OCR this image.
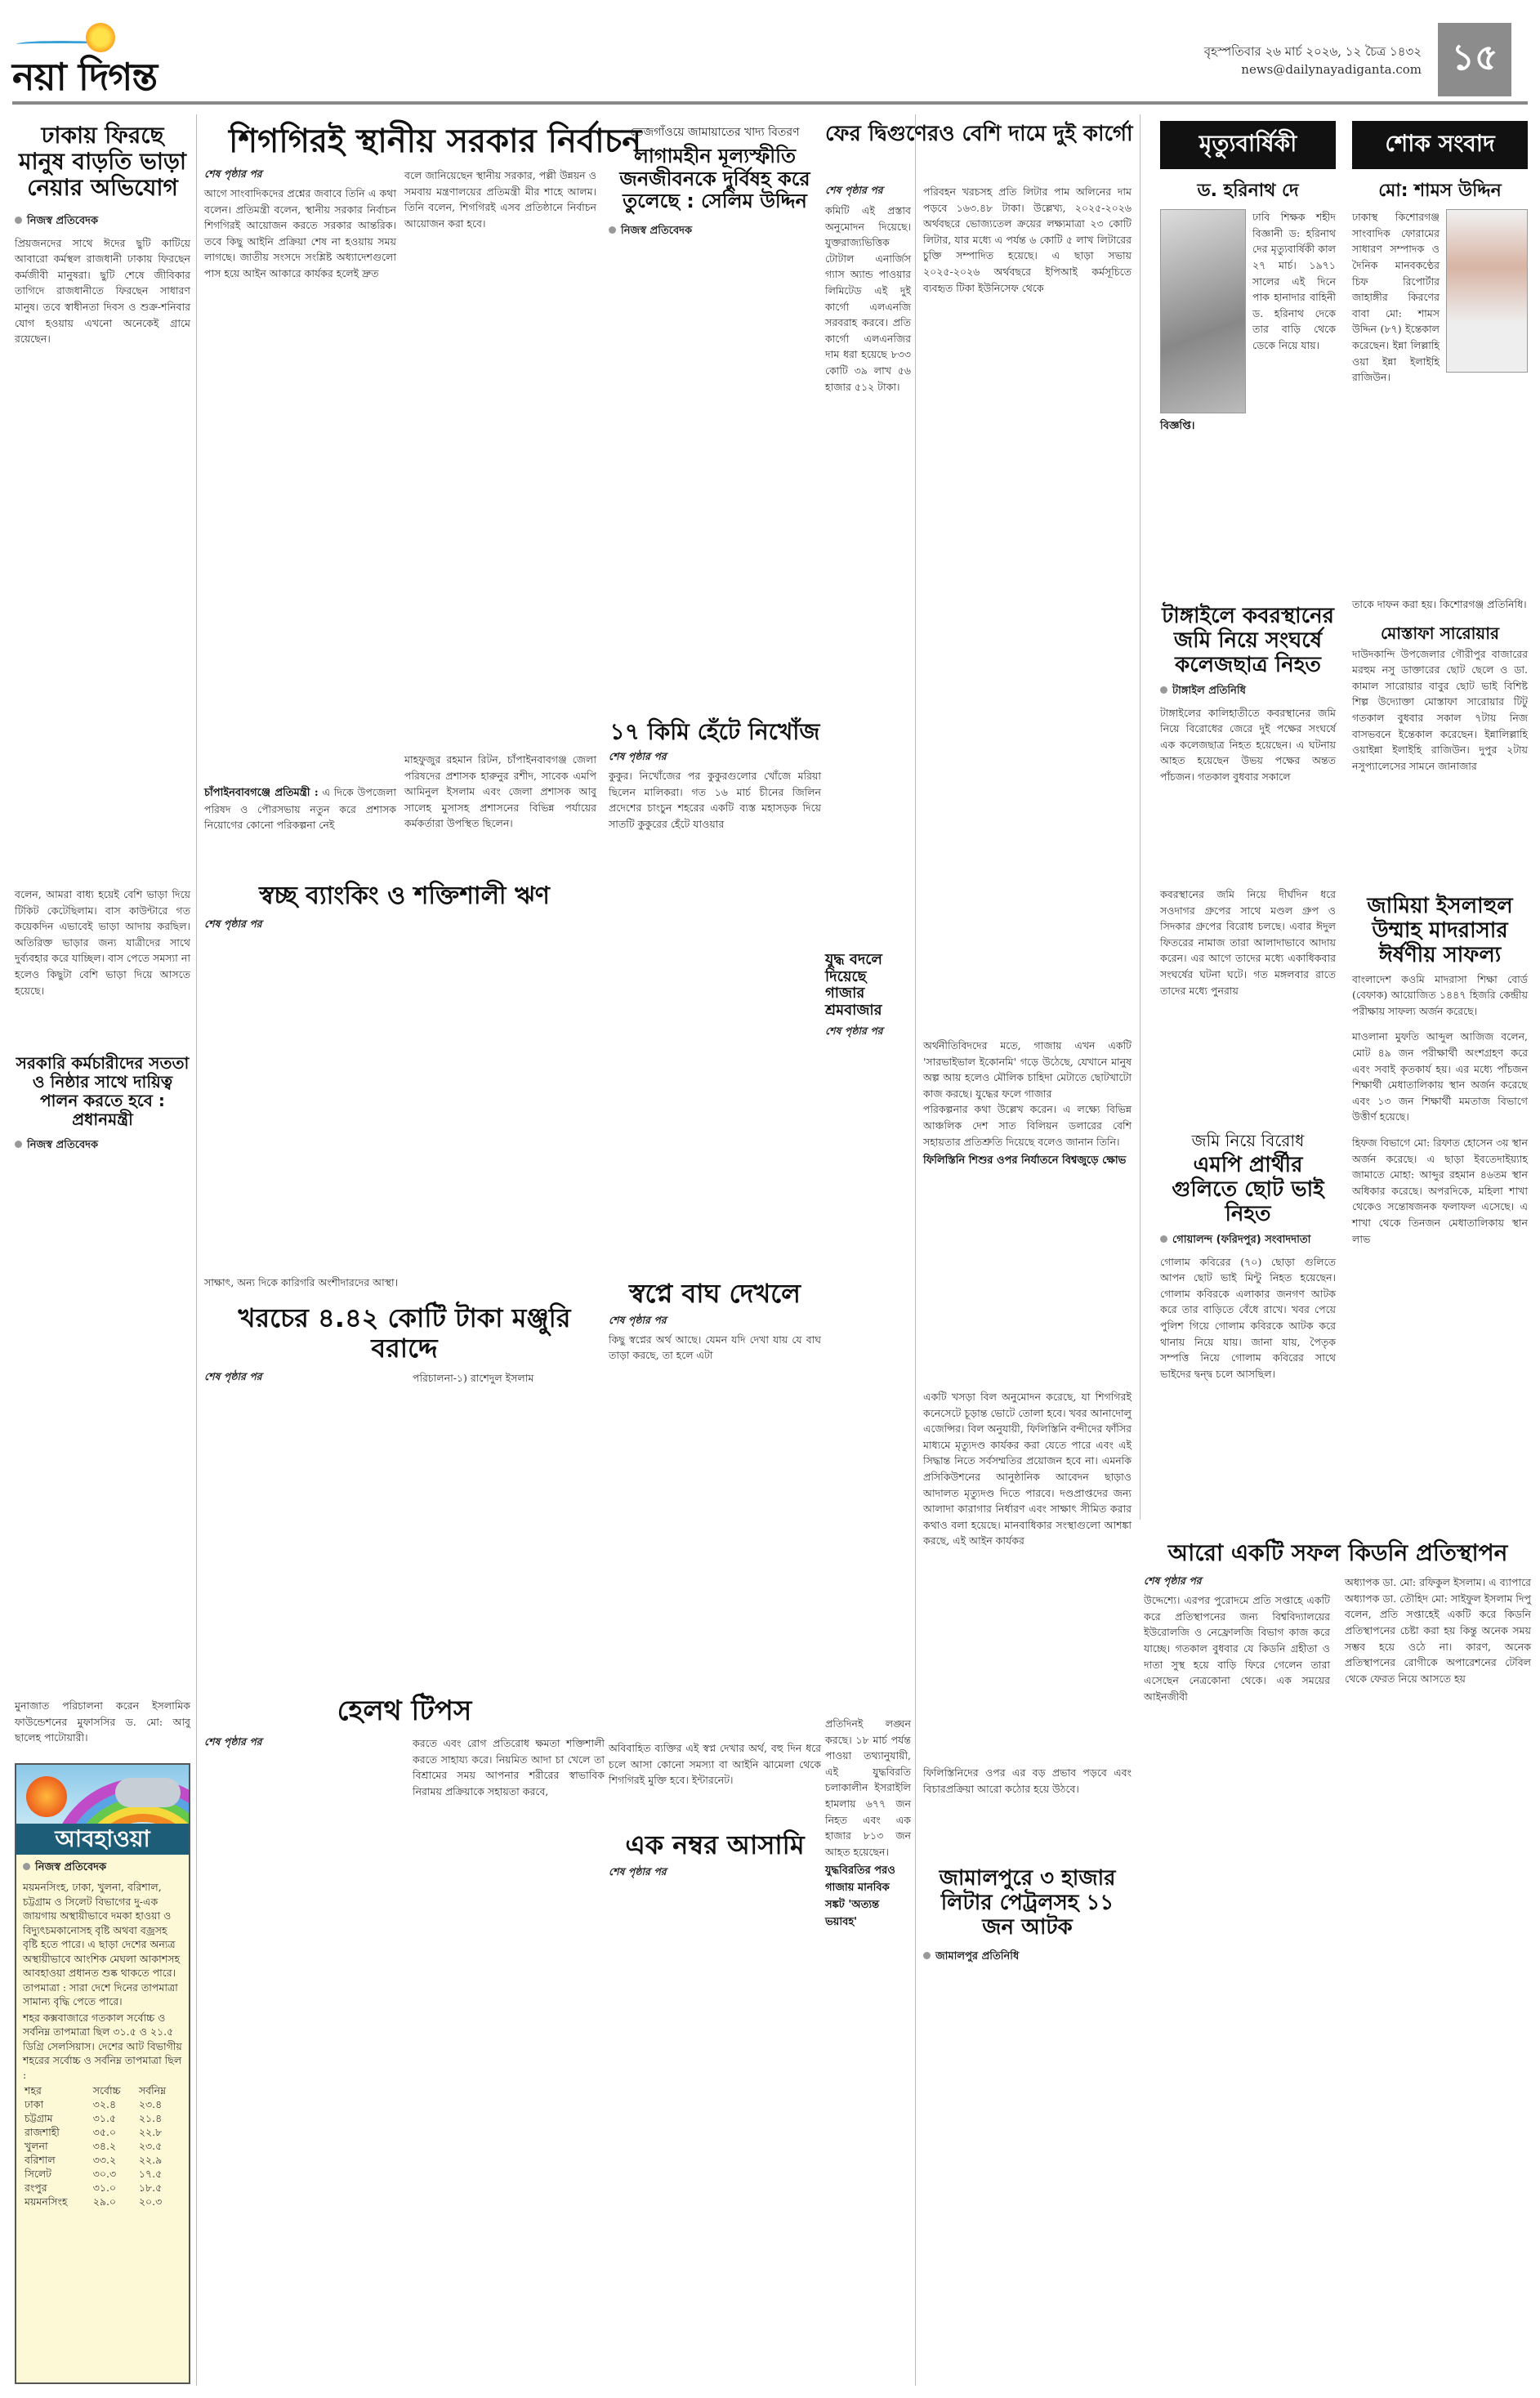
নয়া দিগন্ত
বৃহস্পতিবার ২৬ মার্চ ২০২৬, ১২ চৈত্র ১৪৩২
news@dailynayadiganta.com ১৫
ঢাকায় ফিরছে মানুষ বাড়তি ভাড়া নেয়ার অভিযোগ
নিজস্ব প্রতিবেদক
প্রিয়জনদের সাথে ঈদের ছুটি কাটিয়ে আবারো কর্মস্থল রাজধানী ঢাকায় ফিরছেন কর্মজীবী মানুষরা। ছুটি শেষে জীবিকার তাগিদে রাজধানীতে ফিরছেন সাধারণ মানুষ। তবে স্বাধীনতা দিবস ও শুক্র-শনিবার যোগ হওয়ায় এখনো অনেকেই গ্রামে রয়েছেন।
বলেন, আমরা বাধ্য হয়েই বেশি ভাড়া দিয়ে টিকিট কেটেছিলাম। বাস কাউন্টারে গত কয়েকদিন এভাবেই ভাড়া আদায় করছিল। অতিরিক্ত ভাড়ার জন্য যাত্রীদের সাথে দুর্ব্যবহার করে যাচ্ছিল। বাস পেতে সমস্যা না হলেও কিছুটা বেশি ভাড়া দিয়ে আসতে হয়েছে।
সরকারি কর্মচারীদের সততা ও নিষ্ঠার সাথে দায়িত্ব পালন করতে হবে : প্রধানমন্ত্রী
নিজস্ব প্রতিবেদক
মুনাজাত পরিচালনা করেন ইসলামিক ফাউন্ডেশনের মুফাসসির ড. মো: আবু ছালেহ পাটোয়ারী।
আবহাওয়া
নিজস্ব প্রতিবেদক
ময়মনসিংহ, ঢাকা, খুলনা, বরিশাল, চট্টগ্রাম ও সিলেট বিভাগের দু-এক জায়গায় অস্থায়ীভাবে দমকা হাওয়া ও বিদ্যুৎচমকানোসহ বৃষ্টি অথবা বজ্রসহ বৃষ্টি হতে পারে। এ ছাড়া দেশের অন্যত্র অস্থায়ীভাবে আংশিক মেঘলা আকাশসহ আবহাওয়া প্রধানত শুষ্ক থাকতে পারে। তাপমাত্রা : সারা দেশে দিনের তাপমাত্রা সামান্য বৃদ্ধি পেতে পারে।
শহর কক্সবাজারে গতকাল সর্বোচ্চ ও সর্বনিম্ন তাপমাত্রা ছিল ৩১.৫ ও ২১.৫ ডিগ্রি সেলসিয়াস। দেশের আট বিভাগীয় শহরের সর্বোচ্চ ও সর্বনিম্ন তাপমাত্রা ছিল :
শহর	সর্বোচ্চ	সর্বনিম্ন
ঢাকা	৩২.৪	২৩.৪
চট্টগ্রাম	৩১.৫	২১.৪
রাজশাহী	৩৫.০	২২.৮
খুলনা	৩৪.২	২৩.৫
বরিশাল	৩৩.২	২২.৯
সিলেট	৩০.৩	১৭.৫
রংপুর	৩১.০	১৮.৫
ময়মনসিংহ	২৯.০	২০.৩
শিগগিরই স্থানীয় সরকার নির্বাচন
শেষ পৃষ্ঠার পর
আগে সাংবাদিকদের প্রশ্নের জবাবে তিনি এ কথা বলেন। প্রতিমন্ত্রী বলেন, স্থানীয় সরকার নির্বাচন শিগগিরই আয়োজন করতে সরকার আন্তরিক। তবে কিছু আইনি প্রক্রিয়া শেষ না হওয়ায় সময় লাগছে। জাতীয় সংসদে সংশ্লিষ্ট অধ্যাদেশগুলো পাস হয়ে আইন আকারে কার্যকর হলেই দ্রুত
চাঁপাইনবাবগঞ্জে প্রতিমন্ত্রী : এ দিকে উপজেলা পরিষদ ও পৌরসভায় নতুন করে প্রশাসক নিয়োগের কোনো পরিকল্পনা নেই
বলে জানিয়েছেন স্থানীয় সরকার, পল্লী উন্নয়ন ও সমবায় মন্ত্রণালয়ের প্রতিমন্ত্রী মীর শাহে আলম। তিনি বলেন, শিগগিরই এসব প্রতিষ্ঠানে নির্বাচন আয়োজন করা হবে।
মাহফুজুর রহমান রিটন, চাঁপাইনবাবগঞ্জ জেলা পরিষদের প্রশাসক হারুনুর রশীদ, সাবেক এমপি আমিনুল ইসলাম এবং জেলা প্রশাসক আবু সালেহ মুসাসহ প্রশাসনের বিভিন্ন পর্যায়ের কর্মকর্তারা উপস্থিত ছিলেন।
স্বচ্ছ ব্যাংকিং ও শক্তিশালী ঋণ
শেষ পৃষ্ঠার পর
সাক্ষাৎ, অন্য দিকে কারিগরি অংশীদারদের আস্থা।
খরচের ৪.৪২ কোটি টাকা মঞ্জুরি বরাদ্দে
শেষ পৃষ্ঠার পর	পরিচালনা-১) রাশেদুল ইসলাম
হেলথ টিপস
শেষ পৃষ্ঠার পর	করতে এবং রোগ প্রতিরোধ ক্ষমতা শক্তিশালী করতে সাহায্য করে। নিয়মিত আদা চা খেলে তা বিশ্রামের সময় আপনার শরীরের স্বাভাবিক নিরাময় প্রক্রিয়াকে সহায়তা করবে,
তেজগাঁওয়ে জামায়াতের খাদ্য বিতরণ
লাগামহীন মূল্যস্ফীতি জনজীবনকে দুর্বিষহ করে তুলেছে : সেলিম উদ্দিন
নিজস্ব প্রতিবেদক
১৭ কিমি হেঁটে নিখোঁজ
শেষ পৃষ্ঠার পর
কুকুর। নিখোঁজের পর কুকুরগুলোর খোঁজে মরিয়া ছিলেন মালিকরা। গত ১৬ মার্চ চীনের জিলিন প্রদেশের চাংচুন শহরের একটি ব্যস্ত মহাসড়ক দিয়ে সাতটি কুকুরের হেঁটে যাওয়ার
স্বপ্নে বাঘ দেখলে
শেষ পৃষ্ঠার পর
কিছু স্বপ্নের অর্থ আছে। যেমন যদি দেখা যায় যে বাঘ তাড়া করছে, তা হলে এটা
অবিবাহিত ব্যক্তির এই স্বপ্ন দেখার অর্থ, বহু দিন ধরে চলে আসা কোনো সমস্যা বা আইনি ঝামেলা থেকে শিগগিরই মুক্তি হবে। ইন্টারনেট।
এক নম্বর আসামি
শেষ পৃষ্ঠার পর
ফের দ্বিগুণেরও বেশি দামে দুই কার্গো
শেষ পৃষ্ঠার পর
কমিটি এই প্রস্তাব অনুমোদন দিয়েছে। যুক্তরাজ্যভিত্তিক টোটাল এনার্জিস গ্যাস অ্যান্ড পাওয়ার লিমিটেড এই দুই কার্গো এলএনজি সরবরাহ করবে। প্রতি কার্গো এলএনজির দাম ধরা হয়েছে ৮৩৩ কোটি ৩৯ লাখ ৫৬ হাজার ৫১২ টাকা।
পরিবহন খরচসহ প্রতি লিটার পাম অলিনের দাম পড়বে ১৬৩.৪৮ টাকা। উল্লেখ্য, ২০২৫-২০২৬ অর্থবছরে ভোজ্যতেল ক্রয়ের লক্ষ্যমাত্রা ২৩ কোটি লিটার, যার মধ্যে এ পর্যন্ত ৬ কোটি ৫ লাখ লিটারের চুক্তি সম্পাদিত হয়েছে। এ ছাড়া সভায় ২০২৫-২০২৬ অর্থবছরে ইপিআই কর্মসূচিতে ব্যবহৃত টিকা ইউনিসেফ থেকে
যুদ্ধ বদলে দিয়েছে গাজার শ্রমবাজার
শেষ পৃষ্ঠার পর
অর্থনীতিবিদদের মতে, গাজায় এখন একটি 'সারভাইভাল ইকোনমি' গড়ে উঠেছে, যেখানে মানুষ অল্প আয় হলেও মৌলিক চাহিদা মেটাতে ছোটখাটো কাজ করছে। যুদ্ধের ফলে গাজার
পরিকল্পনার কথা উল্লেখ করেন। এ লক্ষ্যে বিভিন্ন আঞ্চলিক দেশ সাত বিলিয়ন ডলারের বেশি সহায়তার প্রতিশ্রুতি দিয়েছে বলেও জানান তিনি।
ফিলিস্তিনি শিশুর ওপর নির্যাতনে বিশ্বজুড়ে ক্ষোভ
প্রতিদিনই লঙ্ঘন করছে। ১৮ মার্চ পর্যন্ত পাওয়া তথ্যানুযায়ী, এই যুদ্ধবিরতি চলাকালীন ইসরাইলি হামলায় ৬৭৭ জন নিহত এবং এক হাজার ৮১৩ জন আহত হয়েছেন।
যুদ্ধবিরতির পরও গাজায় মানবিক সঙ্কট 'অত্যন্ত ভয়াবহ'
ফিলিস্তিনিদের ওপর এর বড় প্রভাব পড়বে এবং বিচারপ্রক্রিয়া আরো কঠোর হয়ে উঠবে।
জামালপুরে ৩ হাজার লিটার পেট্রলসহ ১১ জন আটক
জামালপুর প্রতিনিধি
একটি খসড়া বিল অনুমোদন করেছে, যা শিগগিরই কনেসেটে চূড়ান্ত ভোটে তোলা হবে। খবর আনাদোলু এজেন্সির। বিল অনুযায়ী, ফিলিস্তিনি বন্দীদের ফাঁসির মাধ্যমে মৃত্যুদণ্ড কার্যকর করা যেতে পারে এবং এই সিদ্ধান্ত নিতে সর্বসম্মতির প্রয়োজন হবে না। এমনকি প্রসিকিউশনের আনুষ্ঠানিক আবেদন ছাড়াও আদালত মৃত্যুদণ্ড দিতে পারবে। দণ্ডপ্রাপ্তদের জন্য আলাদা কারাগার নির্ধারণ এবং সাক্ষাৎ সীমিত করার কথাও বলা হয়েছে। মানবাধিকার সংস্থাগুলো আশঙ্কা করছে, এই আইন কার্যকর
মৃত্যুবার্ষিকী
ড. হরিনাথ দে
ঢাবি শিক্ষক শহীদ বিজ্ঞানী ড: হরিনাথ দের মৃত্যুবার্ষিকী কাল ২৭ মার্চ। ১৯৭১ সালের এই দিনে পাক হানাদার বাহিনী ড. হরিনাথ দেকে তার বাড়ি থেকে ডেকে নিয়ে যায়।
বিজ্ঞপ্তি।
শোক সংবাদ
মো: শামস উদ্দিন
ঢাকাস্থ কিশোরগঞ্জ সাংবাদিক ফোরামের সাধারণ সম্পাদক ও দৈনিক মানবকণ্ঠের চিফ রিপোর্টার জাহাঙ্গীর কিরণের বাবা মো: শামস উদ্দিন (৮৭) ইন্তেকাল করেছেন। ইন্না লিল্লাহি ওয়া ইন্না ইলাইহি রাজিউন।
তাকে দাফন করা হয়। কিশোরগঞ্জ প্রতিনিধি।
মোস্তাফা সারোয়ার
দাউদকান্দি উপজেলার গৌরীপুর বাজারের মরহুম নসু ডাক্তারের ছোট ছেলে ও ডা. কামাল সারোয়ার বাবুর ছোট ভাই বিশিষ্ট শিল্প উদ্যোক্তা মোস্তাফা সারোয়ার টিটু গতকাল বুধবার সকাল ৭টায় নিজ বাসভবনে ইন্তেকাল করেছেন। ইন্নালিল্লাহি ওয়াইন্না ইলাইহি রাজিউন। দুপুর ২টায় নসুপ্যালেসের সামনে জানাজার
টাঙ্গাইলে কবরস্থানের জমি নিয়ে সংঘর্ষে কলেজছাত্র নিহত
টাঙ্গাইল প্রতিনিধি
টাঙ্গাইলের কালিহাতীতে কবরস্থানের জমি নিয়ে বিরোধের জেরে দুই পক্ষের সংঘর্ষে এক কলেজছাত্র নিহত হয়েছেন। এ ঘটনায় আহত হয়েছেন উভয় পক্ষের অন্তত পাঁচজন। গতকাল বুধবার সকালে
কবরস্থানের জমি নিয়ে দীর্ঘদিন ধরে সওদাগর গ্রুপের সাথে মণ্ডল গ্রুপ ও সিদকার গ্রুপের বিরোধ চলছে। এবার ঈদুল ফিতরের নামাজ তারা আলাদাভাবে আদায় করেন। এর আগে তাদের মধ্যে একাধিকবার সংঘর্ষের ঘটনা ঘটে। গত মঙ্গলবার রাতে তাদের মধ্যে পুনরায়
জমি নিয়ে বিরোধ
এমপি প্রার্থীর গুলিতে ছোট ভাই নিহত
গোয়ালন্দ (ফরিদপুর) সংবাদদাতা
গোলাম কবিরের (৭০) ছোড়া গুলিতে আপন ছোট ভাই মিন্টু নিহত হয়েছেন। গোলাম কবিরকে এলাকার জনগণ আটক করে তার বাড়িতে বেঁধে রাখে। খবর পেয়ে পুলিশ গিয়ে গোলাম কবিরকে আটক করে থানায় নিয়ে যায়। জানা যায়, পৈতৃক সম্পত্তি নিয়ে গোলাম কবিরের সাথে ভাইদের দ্বন্দ্ব চলে আসছিল।
জামিয়া ইসলাহুল উম্মাহ মাদরাসার ঈর্ষণীয় সাফল্য
বাংলাদেশ কওমি মাদরাসা শিক্ষা বোর্ড (বেফাক) আয়োজিত ১৪৪৭ হিজরি কেন্দ্রীয় পরীক্ষায় সাফল্য অর্জন করেছে।
মাওলানা মুফতি আব্দুল আজিজ বলেন, মোট ৪৯ জন পরীক্ষার্থী অংশগ্রহণ করে এবং সবাই কৃতকার্য হয়। এর মধ্যে পাঁচজন শিক্ষার্থী মেধাতালিকায় স্থান অর্জন করেছে এবং ১৩ জন শিক্ষার্থী মমতাজ বিভাগে উত্তীর্ণ হয়েছে।
হিফজ বিভাগে মো: রিফাত হোসেন ৩য় স্থান অর্জন করেছে। এ ছাড়া ইবতেদাইয়্যাহ জামাতে মোহা: আব্দুর রহমান ৪৬তম স্থান অধিকার করেছে। অপরদিকে, মহিলা শাখা থেকেও সন্তোষজনক ফলাফল এসেছে। এ শাখা থেকে তিনজন মেধাতালিকায় স্থান লাভ
আরো একটি সফল কিডনি প্রতিস্থাপন
শেষ পৃষ্ঠার পর
উদ্দেশ্যে। এরপর পুরোদমে প্রতি সপ্তাহে একটি করে প্রতিস্থাপনের জন্য বিশ্ববিদ্যালয়ের ইউরোলজি ও নেফ্রোলজি বিভাগ কাজ করে যাচ্ছে। গতকাল বুধবার যে কিডনি গ্রহীতা ও দাতা সুস্থ হয়ে বাড়ি ফিরে গেলেন তারা এসেছেন নেত্রকোনা থেকে। এক সময়ের আইনজীবী
অধ্যাপক ডা. মো: রফিকুল ইসলাম। এ ব্যাপারে অধ্যাপক ডা. তৌহিদ মো: সাইফুল ইসলাম দিপু বলেন, প্রতি সপ্তাহেই একটি করে কিডনি প্রতিস্থাপনের চেষ্টা করা হয় কিন্তু অনেক সময় সম্ভব হয়ে ওঠে না। কারণ, অনেক প্রতিস্থাপনের রোগীকে অপারেশনের টেবিল থেকে ফেরত নিয়ে আসতে হয়
